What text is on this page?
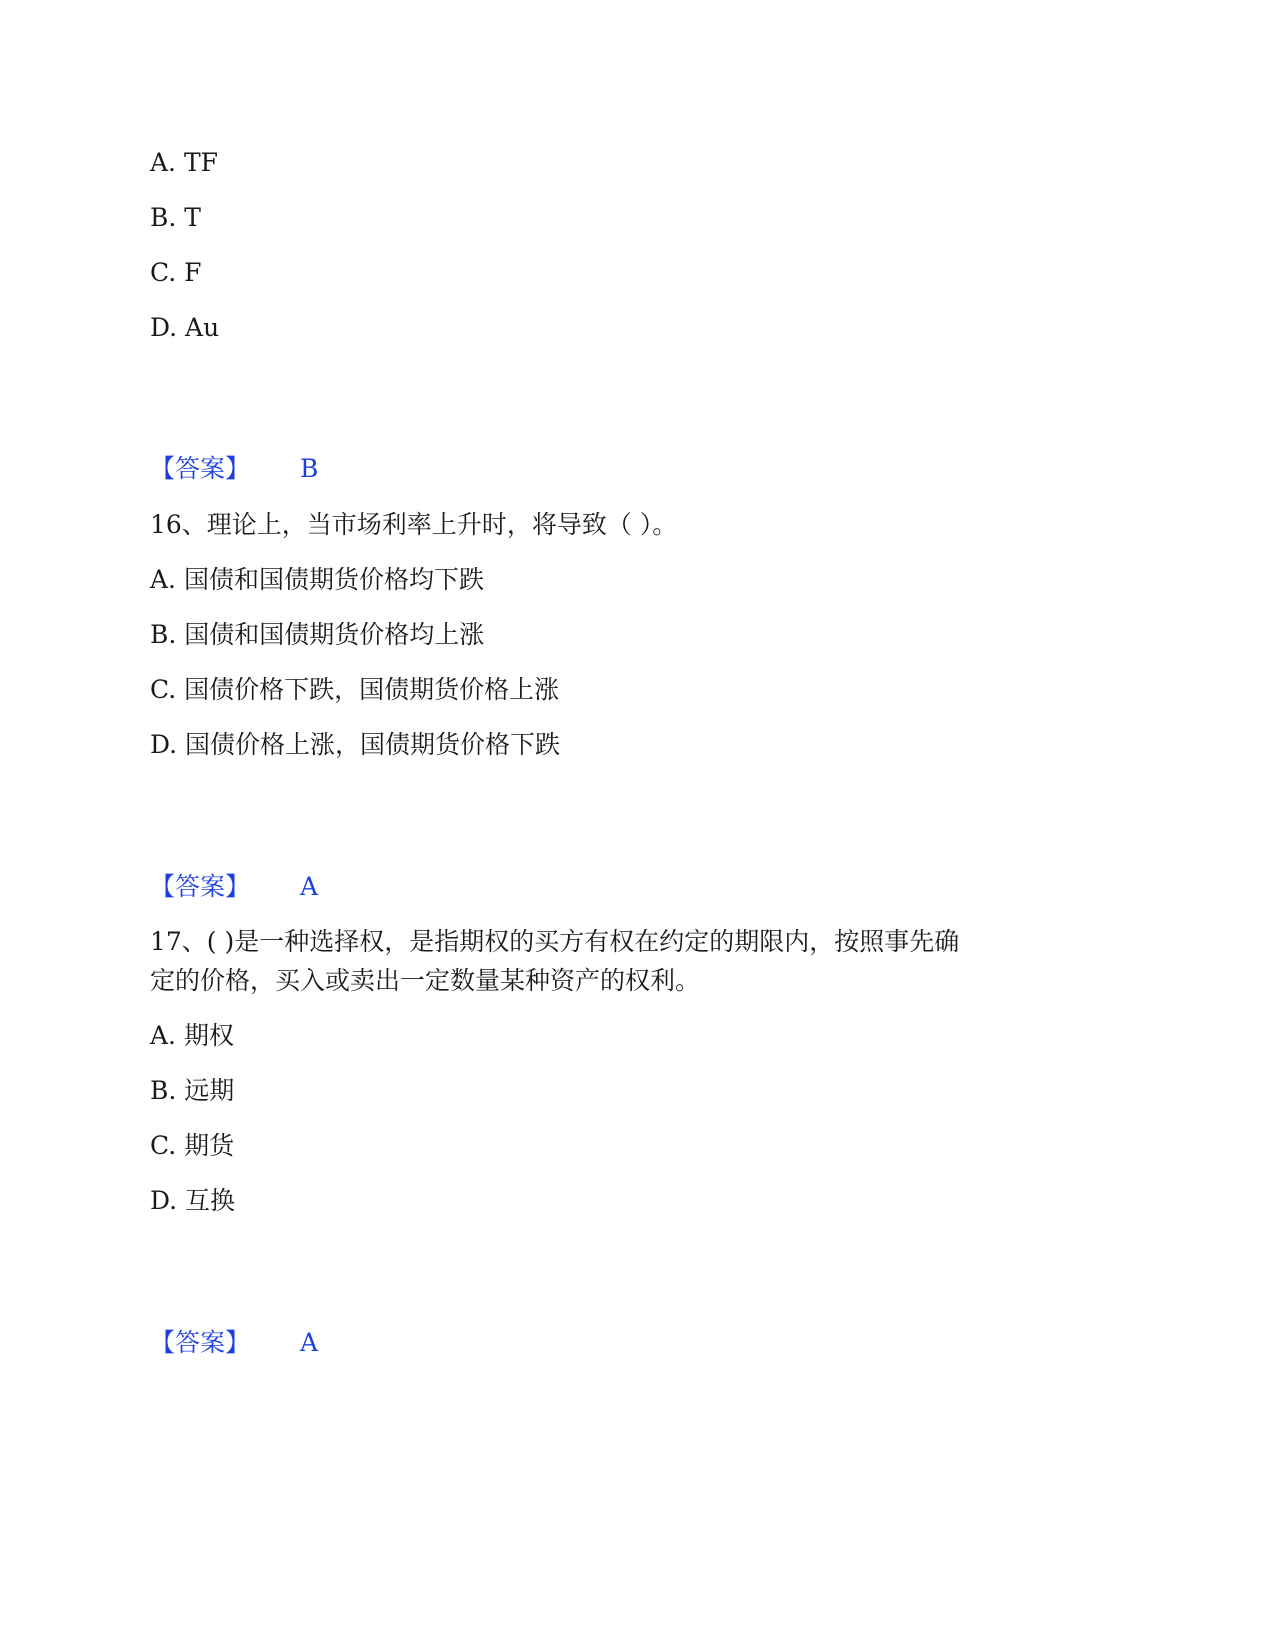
A. TF
B. T
C. F
D. Au
【答案】 B
16、理论上，当市场利率上升时，将导致（ ）。
A. 国债和国债期货价格均下跌
B. 国债和国债期货价格均上涨
C. 国债价格下跌，国债期货价格上涨
D. 国债价格上涨，国债期货价格下跌
【答案】 A
17、( )是一种选择权，是指期权的买方有权在约定的期限内，按照事先确
定的价格，买入或卖出一定数量某种资产的权利。
A. 期权
B. 远期
C. 期货
D. 互换
【答案】 A
